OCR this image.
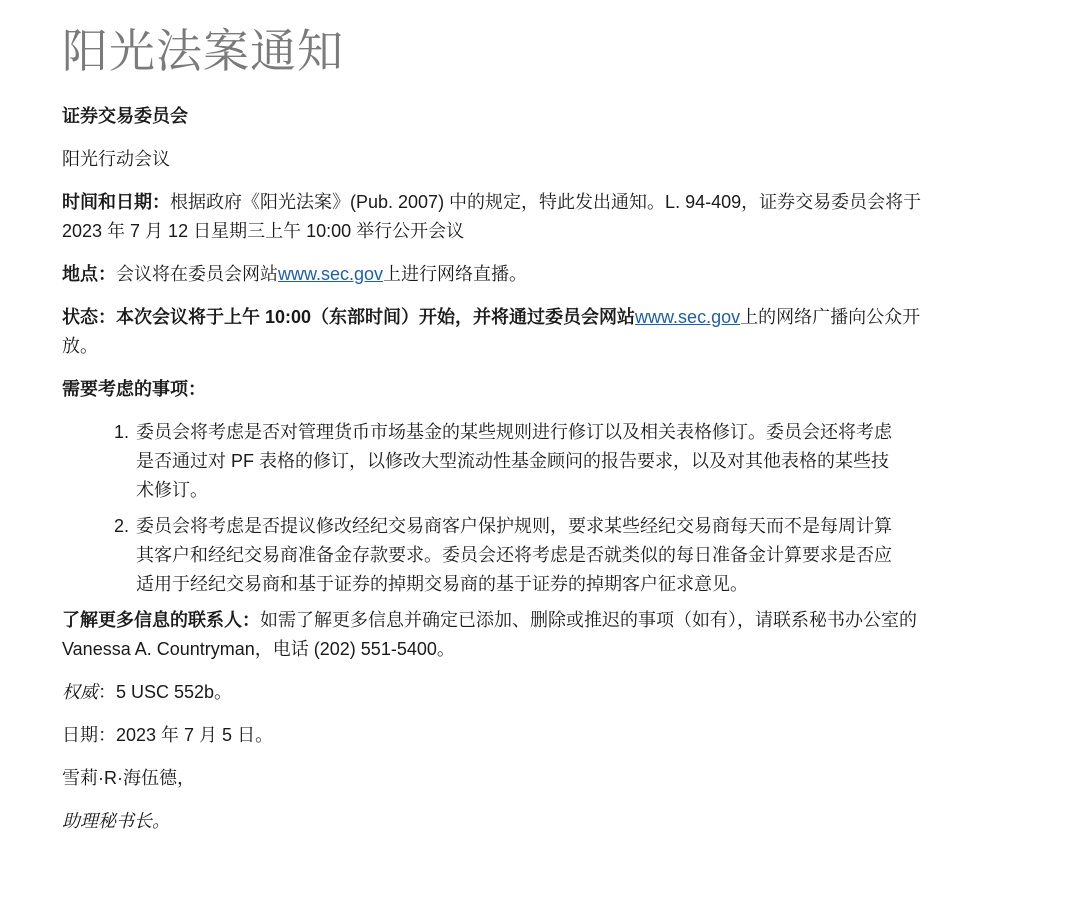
阳光法案通知

证券交易委员会

阳光行动会议

时间和日期：根据政府《阳光法案》(Pub. 2007) 中的规定，特此发出通知。L. 94-409，证券交易委员会将于 2023 年 7 月 12 日星期三上午 10:00 举行公开会议

地点：会议将在委员会网站www.sec.gov上进行网络直播。

状态：本次会议将于上午 10:00（东部时间）开始，并将通过委员会网站www.sec.gov上的网络广播向公众开放。

需要考虑的事项：

1. 委员会将考虑是否对管理货币市场基金的某些规则进行修订以及相关表格修订。委员会还将考虑是否通过对 PF 表格的修订，以修改大型流动性基金顾问的报告要求，以及对其他表格的某些技术修订。
2. 委员会将考虑是否提议修改经纪交易商客户保护规则，要求某些经纪交易商每天而不是每周计算其客户和经纪交易商准备金存款要求。委员会还将考虑是否就类似的每日准备金计算要求是否应适用于经纪交易商和基于证券的掉期交易商的基于证券的掉期客户征求意见。

了解更多信息的联系人：如需了解更多信息并确定已添加、删除或推迟的事项（如有），请联系秘书办公室的 Vanessa A. Countryman，电话 (202) 551-5400。

权威：5 USC 552b。

日期：2023 年 7 月 5 日。

雪莉·R·海伍德，

助理秘书长。
